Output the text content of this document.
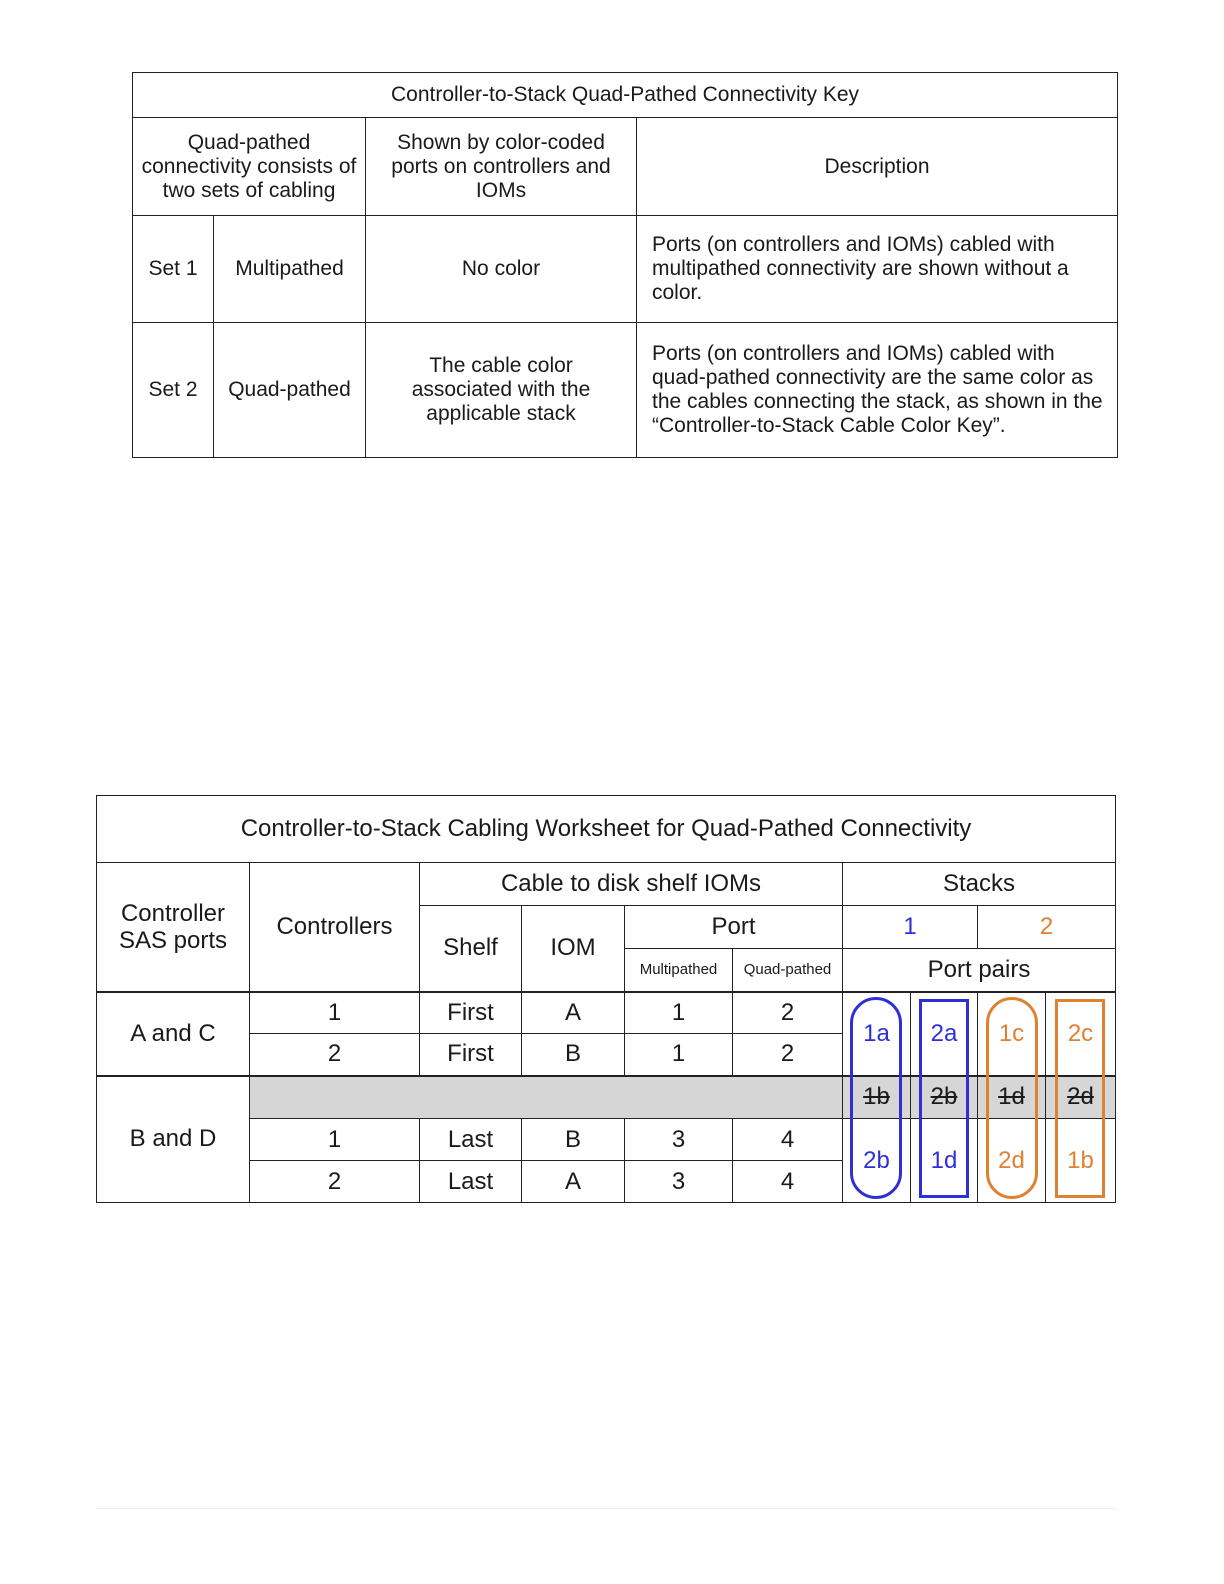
Controller-to-Stack Quad-Pathed Connectivity Key			
Quad-pathed connectivity consists of two sets of cabling		Shown by color-coded ports on controllers and IOMs	Description
Set 1	Multipathed	No color	Ports (on controllers and IOMs) cabled with multipathed connectivity are shown without a color.
Set 2	Quad-pathed	The cable color associated with the applicable stack	Ports (on controllers and IOMs) cabled with quad-pathed connectivity are the same color as the cables connecting the stack, as shown in the “Controller-to-Stack Cable Color Key”.
Controller-to-Stack Cabling Worksheet for Quad-Pathed Connectivity									
Controller SAS ports	Controllers	Cable to disk shelf IOMs				Stacks			
		Shelf	IOM	Port		1		2	
				Multipathed	Quad-pathed	Port pairs			
A and C	1	First	A	1	2	1a	2a	1c	2c
	2	First	B	1	2				
B and D						1b	2b	1d	2d
	1	Last	B	3	4	2b	1d	2d	1b
	2	Last	A	3	4				
